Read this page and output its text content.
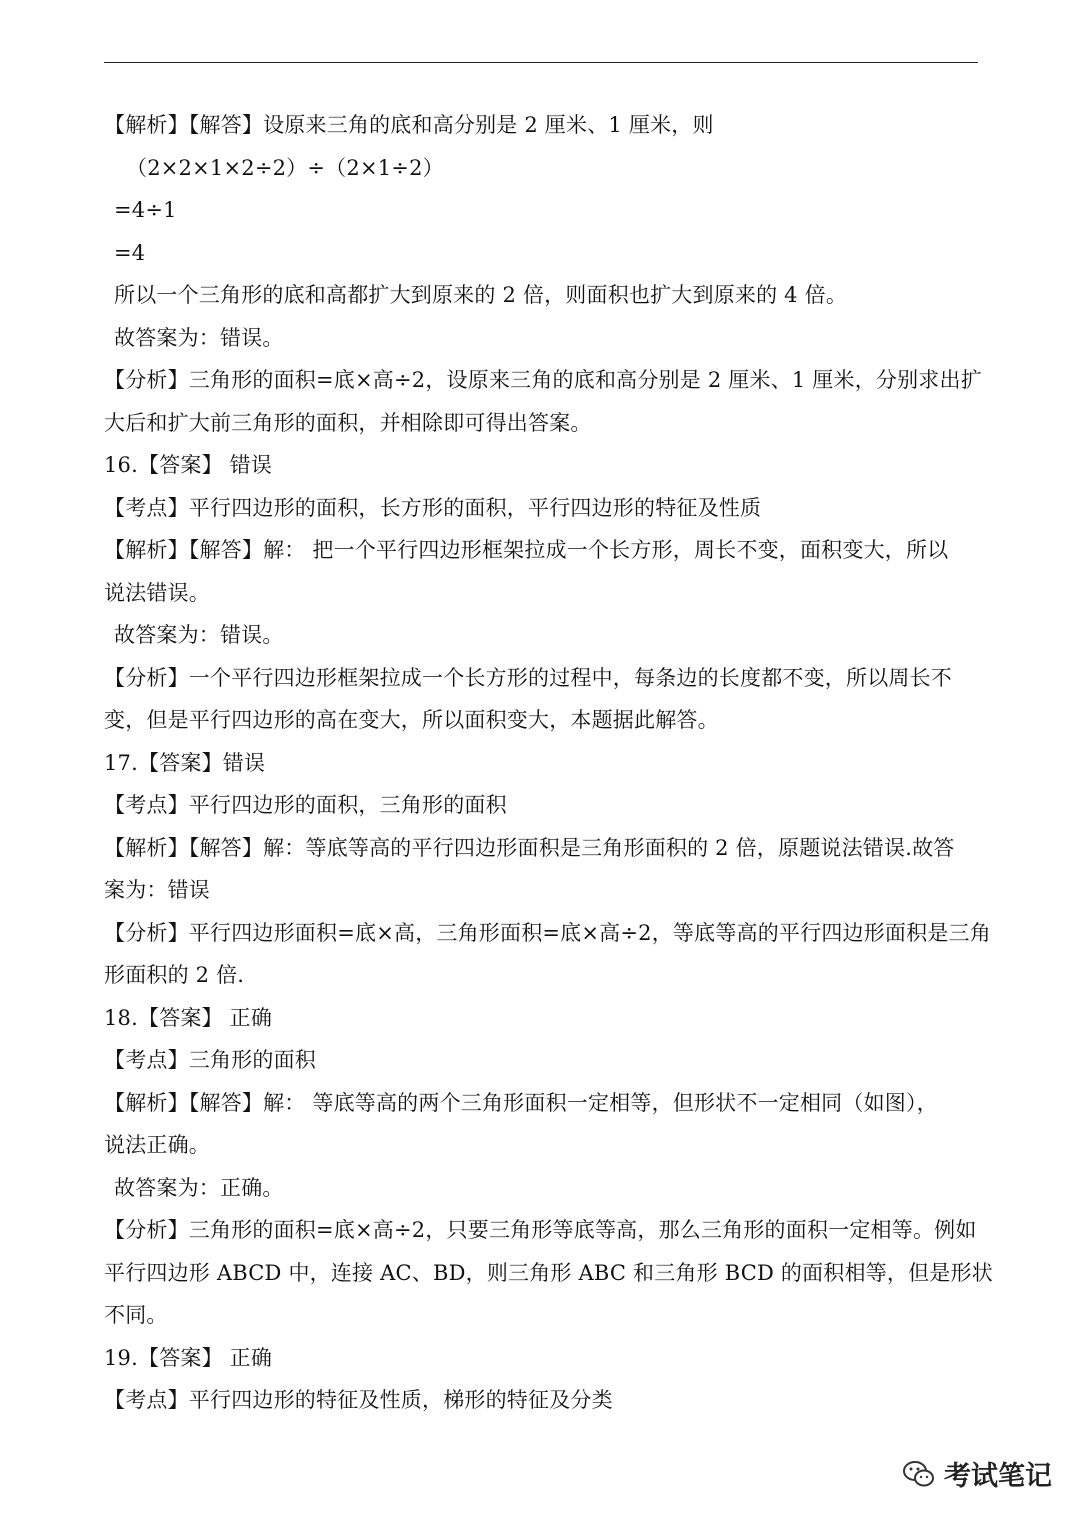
【解析】【解答】设原来三角的底和高分别是 2 厘米、1 厘米，则
（2×2×1×2÷2）÷（2×1÷2）
=4÷1
=4
所以一个三角形的底和高都扩大到原来的 2 倍，则面积也扩大到原来的 4 倍。
故答案为：错误。
【分析】三角形的面积=底×高÷2，设原来三角的底和高分别是 2 厘米、1 厘米，分别求出扩
大后和扩大前三角形的面积，并相除即可得出答案。
16.【答案】 错误
【考点】平行四边形的面积，长方形的面积，平行四边形的特征及性质
【解析】【解答】解： 把一个平行四边形框架拉成一个长方形，周长不变，面积变大，所以
说法错误。
故答案为：错误。
【分析】一个平行四边形框架拉成一个长方形的过程中，每条边的长度都不变，所以周长不
变，但是平行四边形的高在变大，所以面积变大，本题据此解答。
17.【答案】错误
【考点】平行四边形的面积，三角形的面积
【解析】【解答】解：等底等高的平行四边形面积是三角形面积的 2 倍，原题说法错误.故答
案为：错误
【分析】平行四边形面积=底×高，三角形面积=底×高÷2，等底等高的平行四边形面积是三角
形面积的 2 倍.
18.【答案】 正确
【考点】三角形的面积
【解析】【解答】解： 等底等高的两个三角形面积一定相等，但形状不一定相同（如图），
说法正确。
故答案为：正确。
【分析】三角形的面积=底×高÷2，只要三角形等底等高，那么三角形的面积一定相等。例如
平行四边形 ABCD 中，连接 AC、BD，则三角形 ABC 和三角形 BCD 的面积相等，但是形状
不同。
19.【答案】 正确
【考点】平行四边形的特征及性质，梯形的特征及分类
考试笔记
